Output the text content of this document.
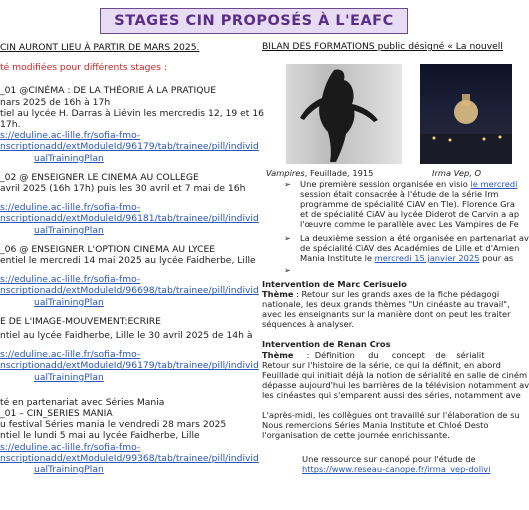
STAGES CIN PROPOSÉS À L'EAFC
CIN AURONT LIEU À PARTIR DE MARS 2025.
té modifiées pour différents stages :
_01 @CINÉMA : DE LA THÉORIE À LA PRATIQUE
nars 2025 de 16h à 17h
tiel au lycée H. Darras à Liévin les mercredis 12, 19 et 16
17h.
s://eduline.ac-lille.fr/sofia-fmo-
nscriptionadd/extModuleId/96179/tab/trainee/pill/individ
ualTrainingPlan
_02 @ ENSEIGNER LE CINEMA AU COLLEGE
avril 2025 (16h 17h) puis les 30 avril et 7 mai de 16h
s://eduline.ac-lille.fr/sofia-fmo-
nscriptionadd/extModuleId/96181/tab/trainee/pill/individ
ualTrainingPlan
_06 @ ENSEIGNER L'OPTION CINEMA AU LYCEE
entiel le mercredi 14 mai 2025 au lycée Faidherbe, Lille
s://eduline.ac-lille.fr/sofia-fmo-
nscriptionadd/extModuleId/96698/tab/trainee/pill/individ
ualTrainingPlan
E DE L'IMAGE-MOUVEMENT:ECRIRE
ntiel au lycée Faidherbe, Lille le 30 avril 2025 de 14h à
s://eduline.ac-lille.fr/sofia-fmo-
nscriptionadd/extModuleId/96179/tab/trainee/pill/individ
ualTrainingPlan
té en partenariat avec Séries Mania
_01 – CIN_SERIES MANIA
u festival Séries mania le vendredi 28 mars 2025
ntiel le lundi 5 mai au lycée Faidherbe, Lille
s://eduline.ac-lille.fr/sofia-fmo-
nscriptionadd/extModuleId/99368/tab/trainee/pill/individ
ualTrainingPlan
BILAN DES FORMATIONS public désigné « La nouvell
Vampires, Feuillade, 1915	Irma Vep, O
➢ Une première session organisée en visio le mercredi
session était consacrée à l'étude de la série Irm
programme de spécialité CiAV en Tle). Florence Gra
et de spécialité CiAV au lycée Diderot de Carvin a ap
l'œuvre comme le parallèle avec Les Vampires de Fe
➢ La deuxième session a été organisée en partenariat av
de spécialité CiAV des Académies de Lille et d'Amien
Mania Institute le mercredi 15 janvier 2025 pour as
➢

Intervention de Marc Cerisuelo
Thème : Retour sur les grands axes de la fiche pédagogi
nationale, les deux grands thèmes "Un cinéaste au travail",
avec les enseignants sur la manière dont on peut les traiter
séquences à analyser.
Intervention de Renan Cros
Thème     :  Définition     du     concept    de    sérialit
Retour sur l'histoire de la série, ce qui la définit, en abord
Feuillade qui initiait déjà la notion de sérialité en salle de ciném
dépasse aujourd'hui les barrières de la télévision notamment av
les cinéastes qui s'emparent aussi des séries, notamment ave
L'après-midi, les collègues ont travaillé sur l'élaboration de su
Nous remercions Séries Mania Institute et Chloé Desto
l'organisation de cette journée enrichissante.
Une ressource sur canopé pour l'étude de
https://www.reseau-canope.fr/irma_vep-dolivi
